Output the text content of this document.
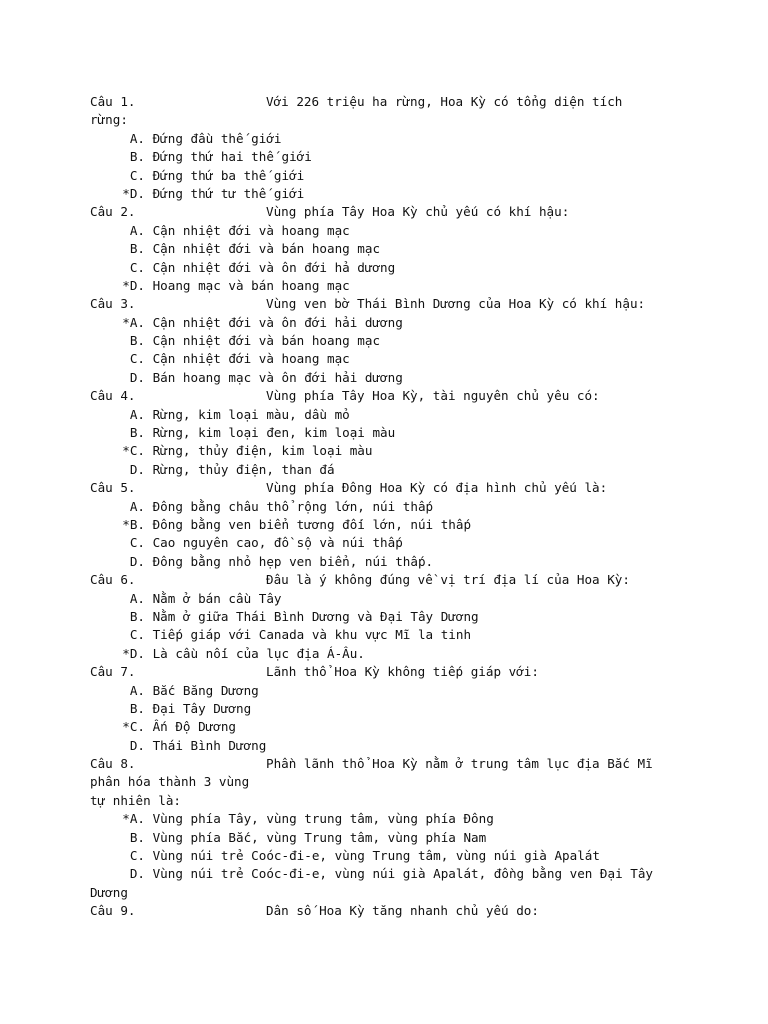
Câu 1.	Với 226 triệu ha rừng, Hoa Kỳ có tổng diện tích
rừng:
A. Đứng đầu thế giới
B. Đứng thứ hai thế giới
C. Đứng thứ ba thế giới
*D. Đứng thứ tư thế giới
Câu 2.	Vùng phía Tây Hoa Kỳ chủ yếu có khí hậu:
A. Cận nhiệt đới và hoang mạc
B. Cận nhiệt đới và bán hoang mạc
C. Cận nhiệt đới và ôn đới hả dương
*D. Hoang mạc và bán hoang mạc
Câu 3.	Vùng ven bờ Thái Bình Dương của Hoa Kỳ có khí hậu:
*A. Cận nhiệt đới và ôn đới hải dương
B. Cận nhiệt đới và bán hoang mạc
C. Cận nhiệt đới và hoang mạc
D. Bán hoang mạc và ôn đới hải dương
Câu 4.	Vùng phía Tây Hoa Kỳ, tài nguyên chủ yêu có:
A. Rừng, kim loại màu, dầu mỏ
B. Rừng, kim loại đen, kim loại màu
*C. Rừng, thủy điện, kim loại màu
D. Rừng, thủy điện, than đá
Câu 5.	Vùng phía Đông Hoa Kỳ có địa hình chủ yếu là:
A. Đông bằng châu thổ rộng lớn, núi thấp
*B. Đông bằng ven biển tương đối lớn, núi thấp
C. Cao nguyên cao, đồ sộ và núi thấp
D. Đông bằng nhỏ hẹp ven biển, núi thấp.
Câu 6.	Đâu là ý không đúng về vị trí địa lí của Hoa Kỳ:
A. Nằm ở bán cầu Tây
B. Nằm ở giữa Thái Bình Dương và Đại Tây Dương
C. Tiếp giáp với Canada và khu vực Mĩ la tinh
*D. Là cầu nối của lục địa Á-Âu.
Câu 7.	Lãnh thổ Hoa Kỳ không tiếp giáp với:
A. Bắc Băng Dương
B. Đại Tây Dương
*C. Ấn Độ Dương
D. Thái Bình Dương
Câu 8.	Phần lãnh thổ Hoa Kỳ nằm ở trung tâm lục địa Bắc Mĩ
phân hóa thành 3 vùng
tự nhiên là:
*A. Vùng phía Tây, vùng trung tâm, vùng phía Đông
B. Vùng phía Bắc, vùng Trung tâm, vùng phía Nam
C. Vùng núi trẻ Coóc-đi-e, vùng Trung tâm, vùng núi già Apalát
D. Vùng núi trẻ Coóc-đi-e, vùng núi già Apalát, đồng bằng ven Đại Tây
Dương
Câu 9.	Dân số Hoa Kỳ tăng nhanh chủ yếu do:
